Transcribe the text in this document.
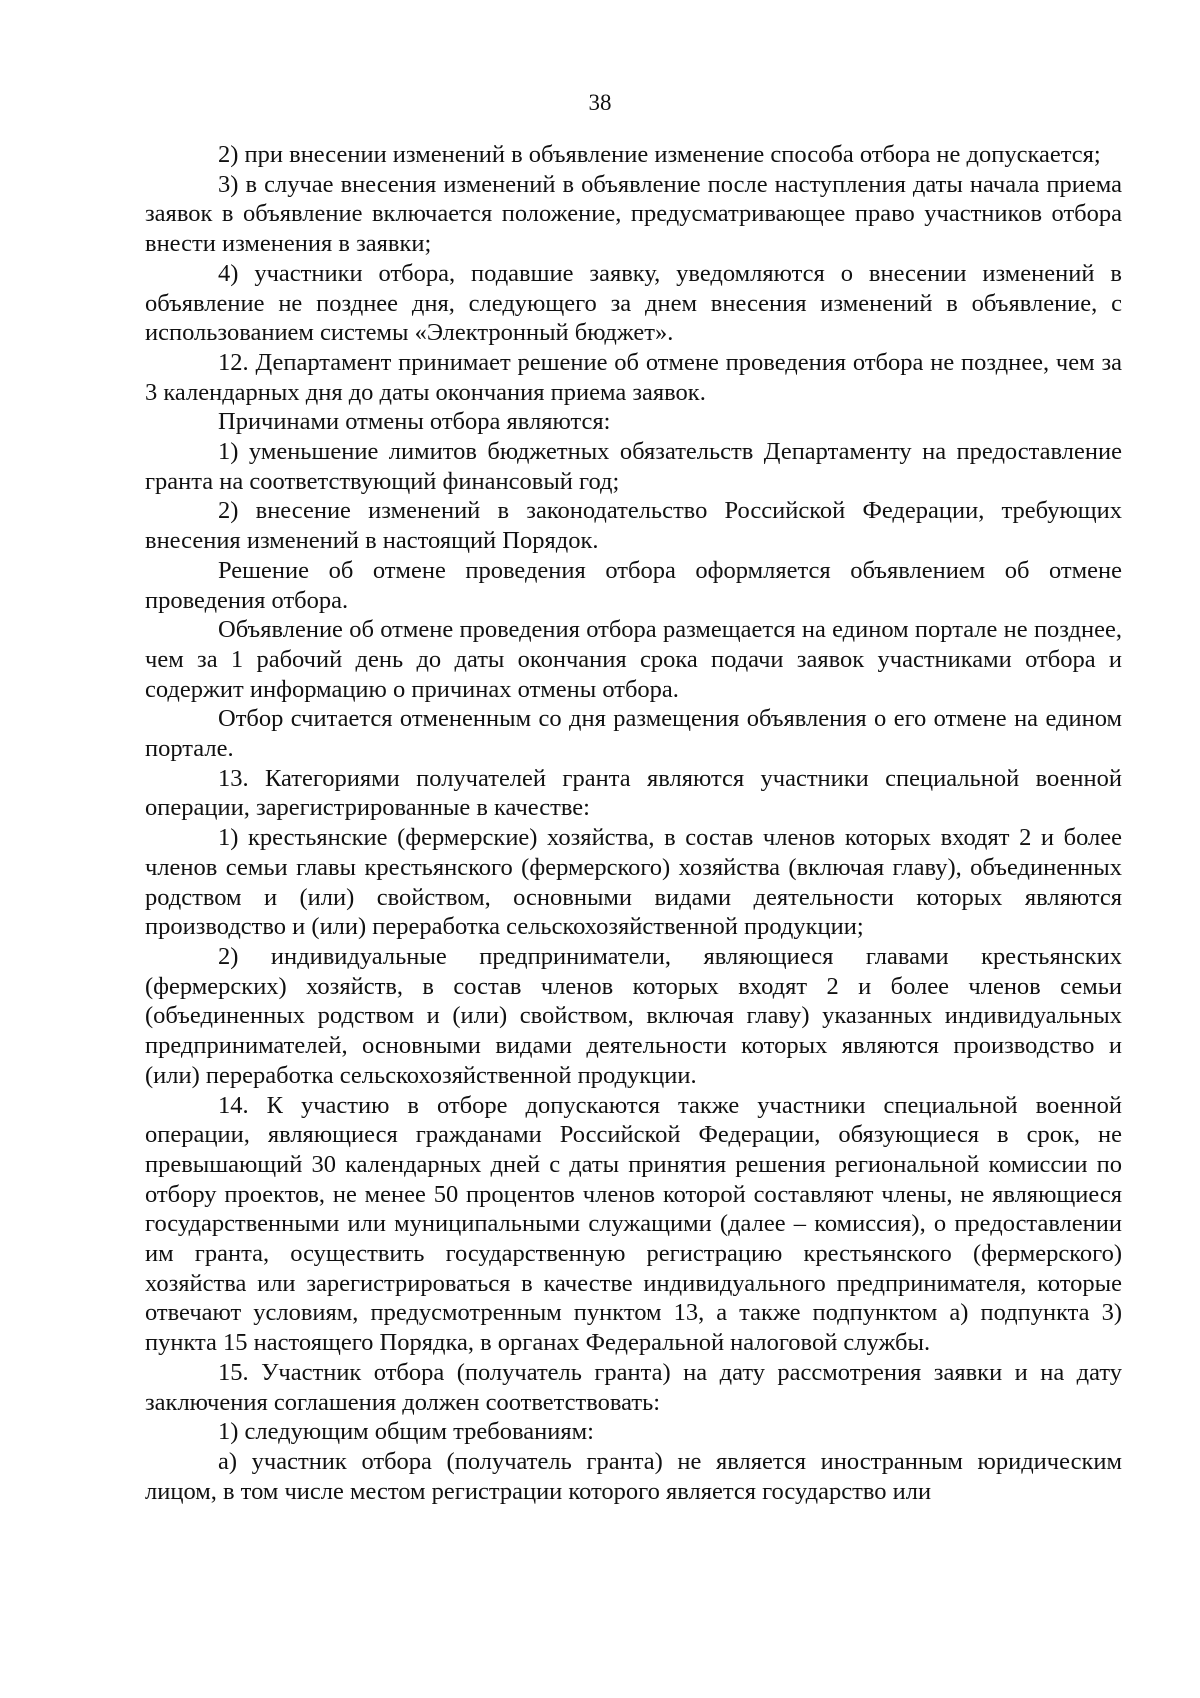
38

2) при внесении изменений в объявление изменение способа отбора не допускается;

3) в случае внесения изменений в объявление после наступления даты начала приема заявок в объявление включается положение, предусматривающее право участников отбора внести изменения в заявки;

4) участники отбора, подавшие заявку, уведомляются о внесении изменений в объявление не позднее дня, следующего за днем внесения изменений в объявление, с использованием системы «Электронный бюджет».

12. Департамент принимает решение об отмене проведения отбора не позднее, чем за 3 календарных дня до даты окончания приема заявок.

Причинами отмены отбора являются:

1) уменьшение лимитов бюджетных обязательств Департаменту на предоставление гранта на соответствующий финансовый год;

2) внесение изменений в законодательство Российской Федерации, требующих внесения изменений в настоящий Порядок.

Решение об отмене проведения отбора оформляется объявлением об отмене проведения отбора.

Объявление об отмене проведения отбора размещается на едином портале не позднее, чем за 1 рабочий день до даты окончания срока подачи заявок участниками отбора и содержит информацию о причинах отмены отбора.

Отбор считается отмененным со дня размещения объявления о его отмене на едином портале.

13. Категориями получателей гранта являются участники специальной военной операции, зарегистрированные в качестве:

1) крестьянские (фермерские) хозяйства, в состав членов которых входят 2 и более членов семьи главы крестьянского (фермерского) хозяйства (включая главу), объединенных родством и (или) свойством, основными видами деятельности которых являются производство и (или) переработка сельскохозяйственной продукции;

2) индивидуальные предприниматели, являющиеся главами крестьянских (фермерских) хозяйств, в состав членов которых входят 2 и более членов семьи (объединенных родством и (или) свойством, включая главу) указанных индивидуальных предпринимателей, основными видами деятельности которых являются производство и (или) переработка сельскохозяйственной продукции.

14. К участию в отборе допускаются также участники специальной военной операции, являющиеся гражданами Российской Федерации, обязующиеся в срок, не превышающий 30 календарных дней с даты принятия решения региональной комиссии по отбору проектов, не менее 50 процентов членов которой составляют члены, не являющиеся государственными или муниципальными служащими (далее – комиссия), о предоставлении им гранта, осуществить государственную регистрацию крестьянского (фермерского) хозяйства или зарегистрироваться в качестве индивидуального предпринимателя, которые отвечают условиям, предусмотренным пунктом 13, а также подпунктом а) подпункта 3) пункта 15 настоящего Порядка, в органах Федеральной налоговой службы.

15. Участник отбора (получатель гранта) на дату рассмотрения заявки и на дату заключения соглашения должен соответствовать:

1) следующим общим требованиям:

а) участник отбора (получатель гранта) не является иностранным юридическим лицом, в том числе местом регистрации которого является государство или
